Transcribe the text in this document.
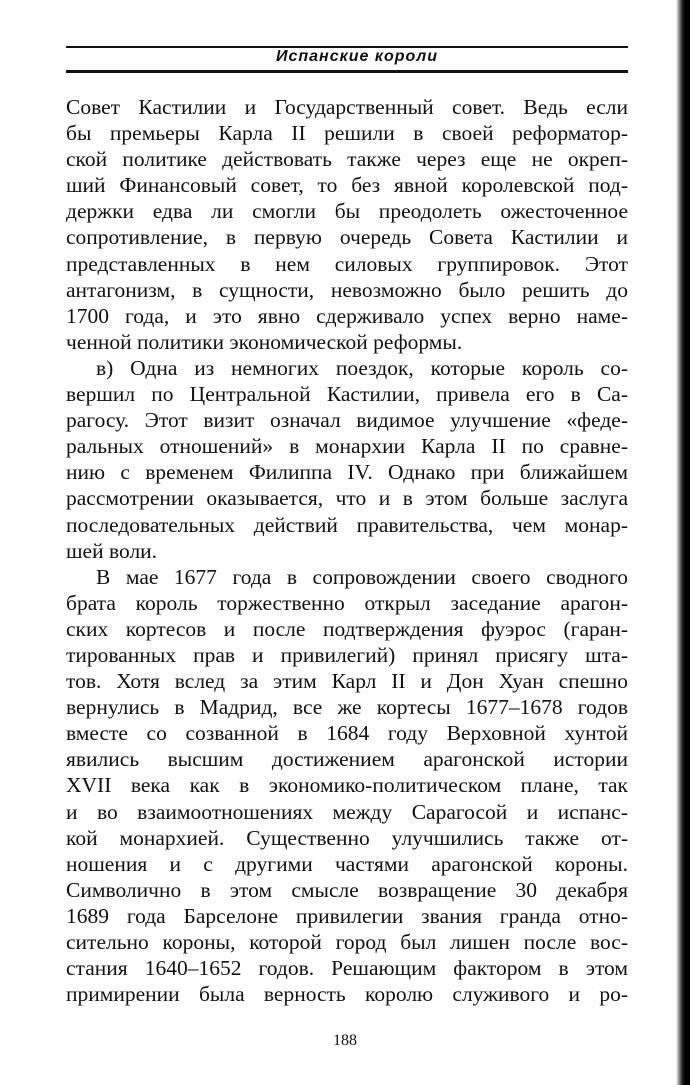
Испанские короли
Совет Кастилии и Государственный совет. Ведь если
бы премьеры Карла II решили в своей реформатор-
ской политике действовать также через еще не окреп-
ший Финансовый совет, то без явной королевской под-
держки едва ли смогли бы преодолеть ожесточенное
сопротивление, в первую очередь Совета Кастилии и
представленных в нем силовых группировок. Этот
антагонизм, в сущности, невозможно было решить до
1700 года, и это явно сдерживало успех верно наме-
ченной политики экономической реформы.
в) Одна из немногих поездок, которые король со-
вершил по Центральной Кастилии, привела его в Са-
рагосу. Этот визит означал видимое улучшение «феде-
ральных отношений» в монархии Карла II по сравне-
нию с временем Филиппа IV. Однако при ближайшем
рассмотрении оказывается, что и в этом больше заслуга
последовательных действий правительства, чем монар-
шей воли.
В мае 1677 года в сопровождении своего сводного
брата король торжественно открыл заседание арагон-
ских кортесов и после подтверждения фуэрос (гаран-
тированных прав и привилегий) принял присягу шта-
тов. Хотя вслед за этим Карл II и Дон Хуан спешно
вернулись в Мадрид, все же кортесы 1677–1678 годов
вместе со созванной в 1684 году Верховной хунтой
явились высшим достижением арагонской истории
XVII века как в экономико-политическом плане, так
и во взаимоотношениях между Сарагосой и испанс-
кой монархией. Существенно улучшились также от-
ношения и с другими частями арагонской короны.
Символично в этом смысле возвращение 30 декабря
1689 года Барселоне привилегии звания гранда отно-
сительно короны, которой город был лишен после вос-
стания 1640–1652 годов. Решающим фактором в этом
примирении была верность королю служивого и ро-
188
